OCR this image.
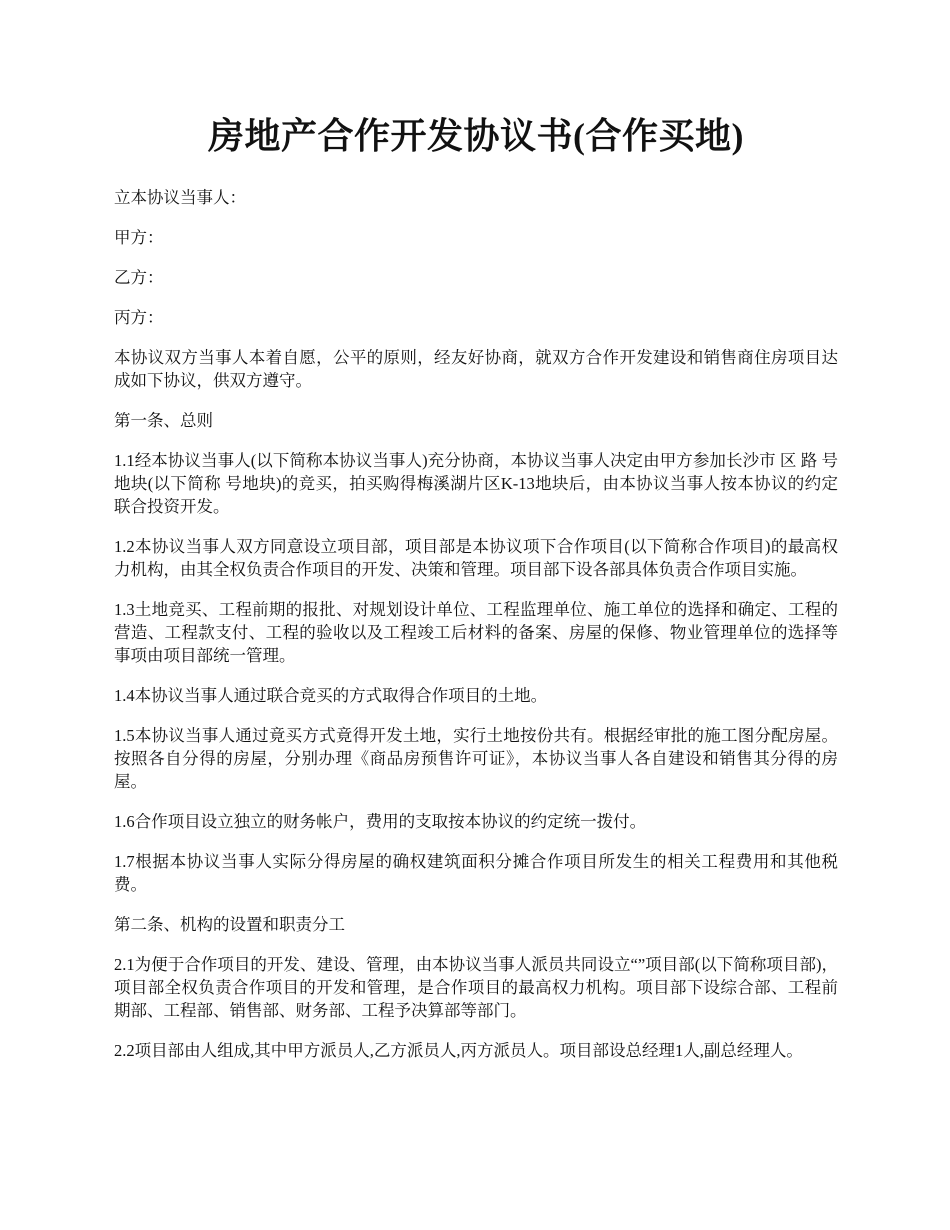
房地产合作开发协议书(合作买地)

立本协议当事人：

甲方：

乙方：

丙方：

本协议双方当事人本着自愿，公平的原则，经友好协商，就双方合作开发建设和销售商住房项目达成如下协议，供双方遵守。

第一条、总则

1.1经本协议当事人(以下简称本协议当事人)充分协商，本协议当事人决定由甲方参加长沙市 区 路 号地块(以下简称 号地块)的竞买，拍买购得梅溪湖片区K-13地块后，由本协议当事人按本协议的约定联合投资开发。

1.2本协议当事人双方同意设立项目部，项目部是本协议项下合作项目(以下简称合作项目)的最高权力机构，由其全权负责合作项目的开发、决策和管理。项目部下设各部具体负责合作项目实施。

1.3土地竞买、工程前期的报批、对规划设计单位、工程监理单位、施工单位的选择和确定、工程的营造、工程款支付、工程的验收以及工程竣工后材料的备案、房屋的保修、物业管理单位的选择等事项由项目部统一管理。

1.4本协议当事人通过联合竞买的方式取得合作项目的土地。

1.5本协议当事人通过竟买方式竟得开发土地，实行土地按份共有。根据经审批的施工图分配房屋。按照各自分得的房屋，分别办理《商品房预售许可证》，本协议当事人各自建设和销售其分得的房屋。

1.6合作项目设立独立的财务帐户，费用的支取按本协议的约定统一拨付。

1.7根据本协议当事人实际分得房屋的确权建筑面积分摊合作项目所发生的相关工程费用和其他税费。

第二条、机构的设置和职责分工

2.1为便于合作项目的开发、建设、管理，由本协议当事人派员共同设立“”项目部(以下简称项目部)，项目部全权负责合作项目的开发和管理，是合作项目的最高权力机构。项目部下设综合部、工程前期部、工程部、销售部、财务部、工程予决算部等部门。

2.2项目部由人组成,其中甲方派员人,乙方派员人,丙方派员人。项目部设总经理1人,副总经理人。
